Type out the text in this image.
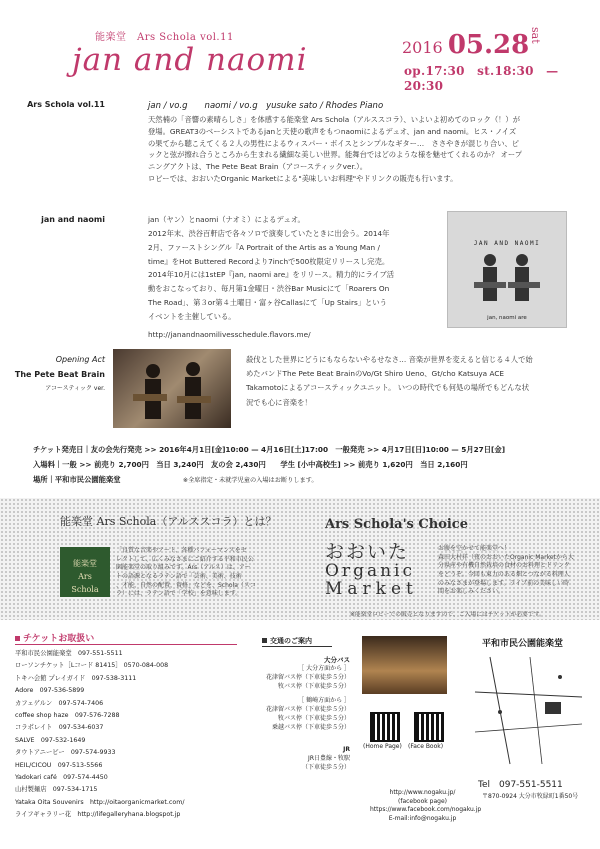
能楽堂　Ars Schola vol.11
jan and naomi	2016 05.28 sat
op.17:30　st.18:30　—　20:30
Ars Schola vol.11	jan / vo.g　　naomi / vo.g　yusuke sato / Rhodes Piano
天然楠の「音響の素晴らしさ」を体感する能楽堂 Ars Schola（アルススコラ）、いよいよ初めてのロック（！）が
登場。GREAT3のベーシストであるjanと天使の歌声をもつnaomiによるデュオ、jan and naomi。ヒス・ノイズ
の果てから聴こえてくる２人の男性によるウィスパー・ボイスとシンプルなギター…　ささやきが混じり合い、ピ
ックと弦が擦れ合うところから生まれる繊細な美しい世界。能舞台ではどのような様を魅せてくれるのか？ オープ
ニングアクトは、The Pete Beat Brain（アコースティックver.）。
ロビーでは、おおいたOrganic Marketによる"美味しいお料理"やドリンクの販売も行います。
jan and naomi	jan（ヤン）とnaomi（ナオミ）によるデュオ。
2012年末、渋谷百軒店で各々ソロで演奏していたときに出会う。2014年
2月、ファーストシングル『A Portrait of the Artis as a Young Man /
time』をHot Buttered Recordより7inchで500枚限定リリースし完売。
2014年10月には1stEP『jan, naomi are』をリリース。精力的にライブ活
動をおこなっており、毎月第1金曜日・渋谷Bar Musicにて「Roarers On
The Road」、第３or第４土曜日・富ヶ谷Callasにて「Up Stairs」という
イベントを主催している。
http://janandnaomilivesschedule.flavors.me/
JAN AND NAOMI
jan, naomi are
Opening Act
The Pete Beat Brain
アコースティック ver.
殺伐とした世界にどうにもならないやるせなさ… 音楽が世界を変えると信じる４人で始
めたバンドThe Pete Beat BrainのVo/Gt Shiro Ueno、Gt/cho Katsuya ACE
Takamotoによるアコースティックユニット。 いつの時代でも何処の場所でもどんな状
況でも心に音楽を！
チケット発売日｜友の会先行発売 >> 2016年4月1日[金]10:00 — 4月16日[土]17:00　一般発売 >> 4月17日[日]10:00 — 5月27日[金]
入場料｜一般 >> 前売り 2,700円　当日 3,240円　友の会 2,430円　　学生 [小中高校生] >> 前売り 1,620円　当日 2,160円
場所｜平和市民公園能楽堂	※全席指定・未就学児童の入場はお断りします。
能楽堂 Ars Schola（アルススコラ）とは？
能楽堂 Ars Schola
「良質な音楽やアート、各種パフォーマンスをセ
レクトして、広くみなさまにご紹介する平和市民公
園能楽堂の取り組みです。Ars（アルス）は、アー
トの語源となるラテン語で「芸術、美術、技術
、才能、自然の配置、資格」などを、Schola（スコ
ラ）には、ラテン語で「学校」を意味します。
Ars Schola's Choice
おおいた
Organic
Market
お腹を空かせて能楽堂へ！
森田大村祥（夜のおおいたOrganic Marketから大
分県産や有機自然栽培の食材のお料理とドリンク
をどうぞ。今回も東力のある畑とつながる料理人
のみなさまが登場します。ライブ前の美味しい時
間をお楽しみください。
※能楽堂ロビーでの販売となりますので、ご入場にはチケットが必要です。
チケットお取扱い
平和市民公園能楽堂　097-551-5511
ローソンチケット［Lコード 81415］ 0570-084-008
トキハ会館 プレイガイド　097-538-3111
Adore　097-536-5899
カフェゲルン　097-574-7406
coffee shop haze　097-576-7288
コラボレイト　097-534-6037
SALVE　097-532-1649
タウトアニーピー　097-574-9933
HEIL/CICOU　097-513-5566
Yadokari café　097-574-4450
山村製麺店　097-534-1715
Yataka Oita Souvenirs　http://oitaorganicmarket.com/
ライフギャラリー花　http://lifegalleryhana.blogspot.jp
交通のご案内
大分バス
［ 大分方面から ］
花津留バス停（下車徒歩５分）
牧バス停（下車徒歩５分）
［ 鶴崎方面から ］
花津留バス停（下車徒歩５分）
牧バス停（下車徒歩５分）
乗越バス停（下車徒歩５分）
JR
JR日豊線・牧駅
（下車徒歩５分）
(Home Page) (Face Book)
http://www.nogaku.jp/
(facebook page)
https://www.facebook.com/nogaku.jp
E-mail:info@nogaku.jp
平和市民公園能楽堂
Tel　097-551-5511
〒870-0924 大分市牧緑町1番50号
